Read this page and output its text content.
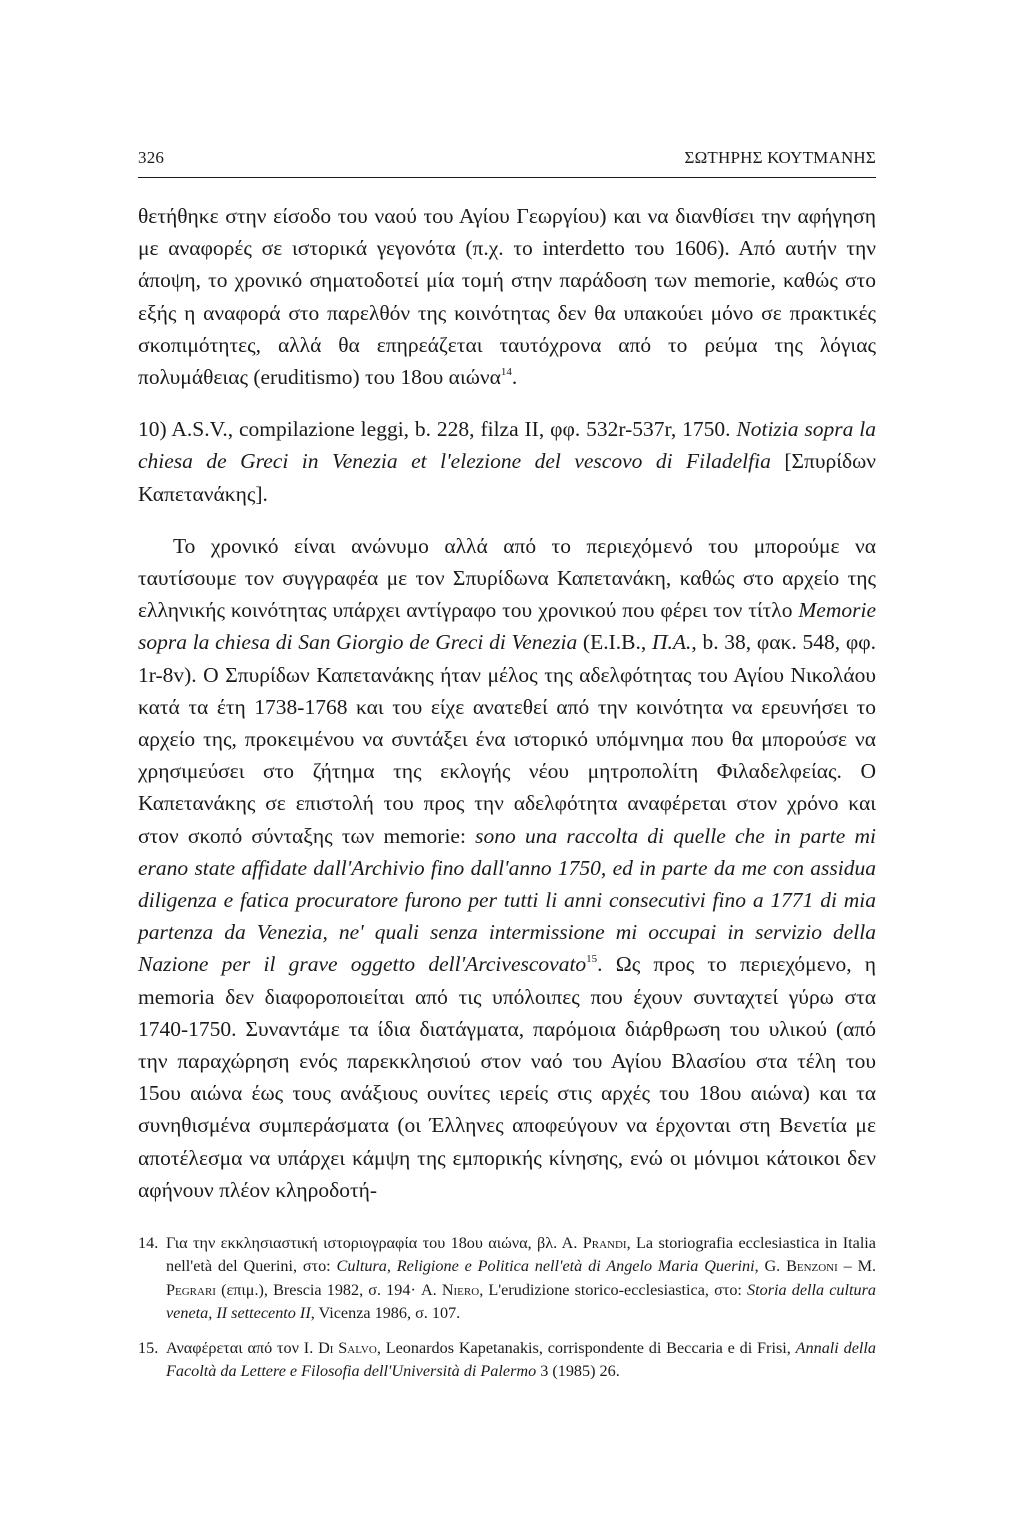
326	ΣΩΤΗΡΗΣ ΚΟΥΤΜΑΝΗΣ

θετήθηκε στην είσοδο του ναού του Αγίου Γεωργίου) και να διανθίσει την αφήγηση με αναφορές σε ιστορικά γεγονότα (π.χ. το interdetto του 1606). Από αυτήν την άποψη, το χρονικό σηματοδοτεί μία τομή στην παράδοση των memorie, καθώς στο εξής η αναφορά στο παρελθόν της κοινότητας δεν θα υπακούει μόνο σε πρακτικές σκοπιμότητες, αλλά θα επηρεάζεται ταυτόχρονα από το ρεύμα της λόγιας πολυμάθειας (eruditismo) του 18ου αιώνα$^{14}$.

10) A.S.V., compilazione leggi, b. 228, filza II, φφ. 532r-537r, 1750. Notizia sopra la chiesa de Greci in Venezia et l'elezione del vescovo di Filadelfia [Σπυρίδων Καπετανάκης].

Το χρονικό είναι ανώνυμο αλλά από το περιεχόμενό του μπορούμε να ταυτίσουμε τον συγγραφέα με τον Σπυρίδωνα Καπετανάκη, καθώς στο αρχείο της ελληνικής κοινότητας υπάρχει αντίγραφο του χρονικού που φέρει τον τίτλο Memorie sopra la chiesa di San Giorgio de Greci di Venezia (Ε.Ι.Β., Π.Α., b. 38, φακ. 548, φφ. 1r-8v). Ο Σπυρίδων Καπετανάκης ήταν μέλος της αδελφότητας του Αγίου Νικολάου κατά τα έτη 1738-1768 και του είχε ανατεθεί από την κοινότητα να ερευνήσει το αρχείο της, προκειμένου να συντάξει ένα ιστορικό υπόμνημα που θα μπορούσε να χρησιμεύσει στο ζήτημα της εκλογής νέου μητροπολίτη Φιλαδελφείας. Ο Καπετανάκης σε επιστολή του προς την αδελφότητα αναφέρεται στον χρόνο και στον σκοπό σύνταξης των memorie: sono una raccolta di quelle che in parte mi erano state affidate dall'Archivio fino dall'anno 1750, ed in parte da me con assidua diligenza e fatica procuratore furono per tutti li anni consecutivi fino a 1771 di mia partenza da Venezia, ne' quali senza intermissione mi occupai in servizio della Nazione per il grave oggetto dell'Arcivescovato$^{15}$. Ως προς το περιεχόμενο, η memoria δεν διαφοροποιείται από τις υπόλοιπες που έχουν συνταχτεί γύρω στα 1740-1750. Συναντάμε τα ίδια διατάγματα, παρόμοια διάρθρωση του υλικού (από την παραχώρηση ενός παρεκκλησιού στον ναό του Αγίου Βλασίου στα τέλη του 15ου αιώνα έως τους ανάξιους ουνίτες ιερείς στις αρχές του 18ου αιώνα) και τα συνηθισμένα συμπεράσματα (οι Έλληνες αποφεύγουν να έρχονται στη Βενετία με αποτέλεσμα να υπάρχει κάμψη της εμπορικής κίνησης, ενώ οι μόνιμοι κάτοικοι δεν αφήνουν πλέον κληροδοτή-

14. Για την εκκλησιαστική ιστοριογραφία του 18ου αιώνα, βλ. Α. Prandi, La storiografia ecclesiastica in Italia nell'età del Querini, στο: Cultura, Religione e Politica nell'età di Angelo Maria Querini, G. Benzoni – M. Pegrari (επιμ.), Brescia 1982, σ. 194· A. Niero, L'erudizione storico-ecclesiastica, στο: Storia della cultura veneta, II settecento II, Vicenza 1986, σ. 107.
15. Αναφέρεται από τον I. Di Salvo, Leonardos Kapetanakis, corrispondente di Beccaria e di Frisi, Annali della Facoltà da Lettere e Filosofia dell'Università di Palermo 3 (1985) 26.
